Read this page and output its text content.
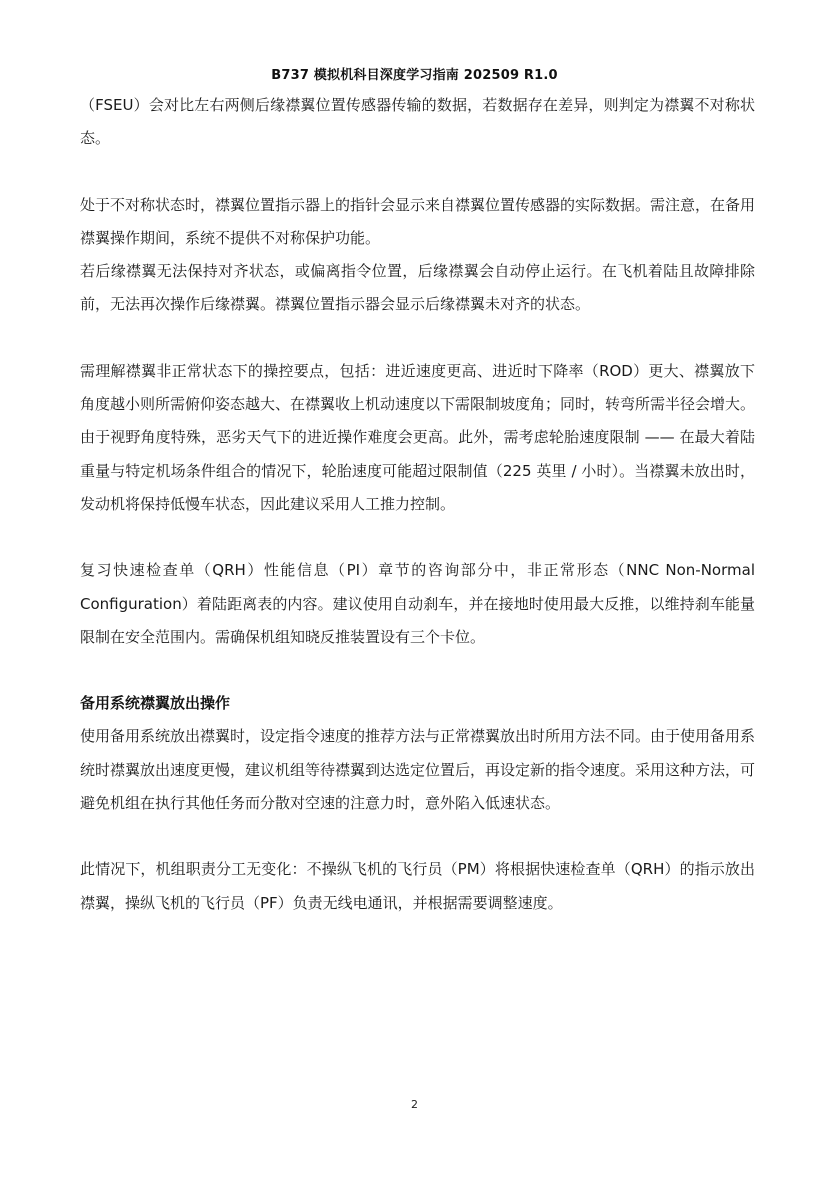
B737 模拟机科目深度学习指南 202509 R1.0

（FSEU）会对比左右两侧后缘襟翼位置传感器传输的数据，若数据存在差异，则判定为襟翼不对称状态。

处于不对称状态时，襟翼位置指示器上的指针会显示来自襟翼位置传感器的实际数据。需注意，在备用襟翼操作期间，系统不提供不对称保护功能。

若后缘襟翼无法保持对齐状态，或偏离指令位置，后缘襟翼会自动停止运行。在飞机着陆且故障排除前，无法再次操作后缘襟翼。襟翼位置指示器会显示后缘襟翼未对齐的状态。

需理解襟翼非正常状态下的操控要点，包括：进近速度更高、进近时下降率（ROD）更大、襟翼放下角度越小则所需俯仰姿态越大、在襟翼收上机动速度以下需限制坡度角；同时，转弯所需半径会增大。由于视野角度特殊，恶劣天气下的进近操作难度会更高。此外，需考虑轮胎速度限制 —— 在最大着陆重量与特定机场条件组合的情况下，轮胎速度可能超过限制值（225 英里 / 小时）。当襟翼未放出时，发动机将保持低慢车状态，因此建议采用人工推力控制。

复习快速检查单（QRH）性能信息（PI）章节的咨询部分中，非正常形态（NNC Non-Normal Configuration）着陆距离表的内容。建议使用自动刹车，并在接地时使用最大反推，以维持刹车能量限制在安全范围内。需确保机组知晓反推装置设有三个卡位。

备用系统襟翼放出操作

使用备用系统放出襟翼时，设定指令速度的推荐方法与正常襟翼放出时所用方法不同。由于使用备用系统时襟翼放出速度更慢，建议机组等待襟翼到达选定位置后，再设定新的指令速度。采用这种方法，可避免机组在执行其他任务而分散对空速的注意力时，意外陷入低速状态。

此情况下，机组职责分工无变化：不操纵飞机的飞行员（PM）将根据快速检查单（QRH）的指示放出襟翼，操纵飞机的飞行员（PF）负责无线电通讯，并根据需要调整速度。

2
